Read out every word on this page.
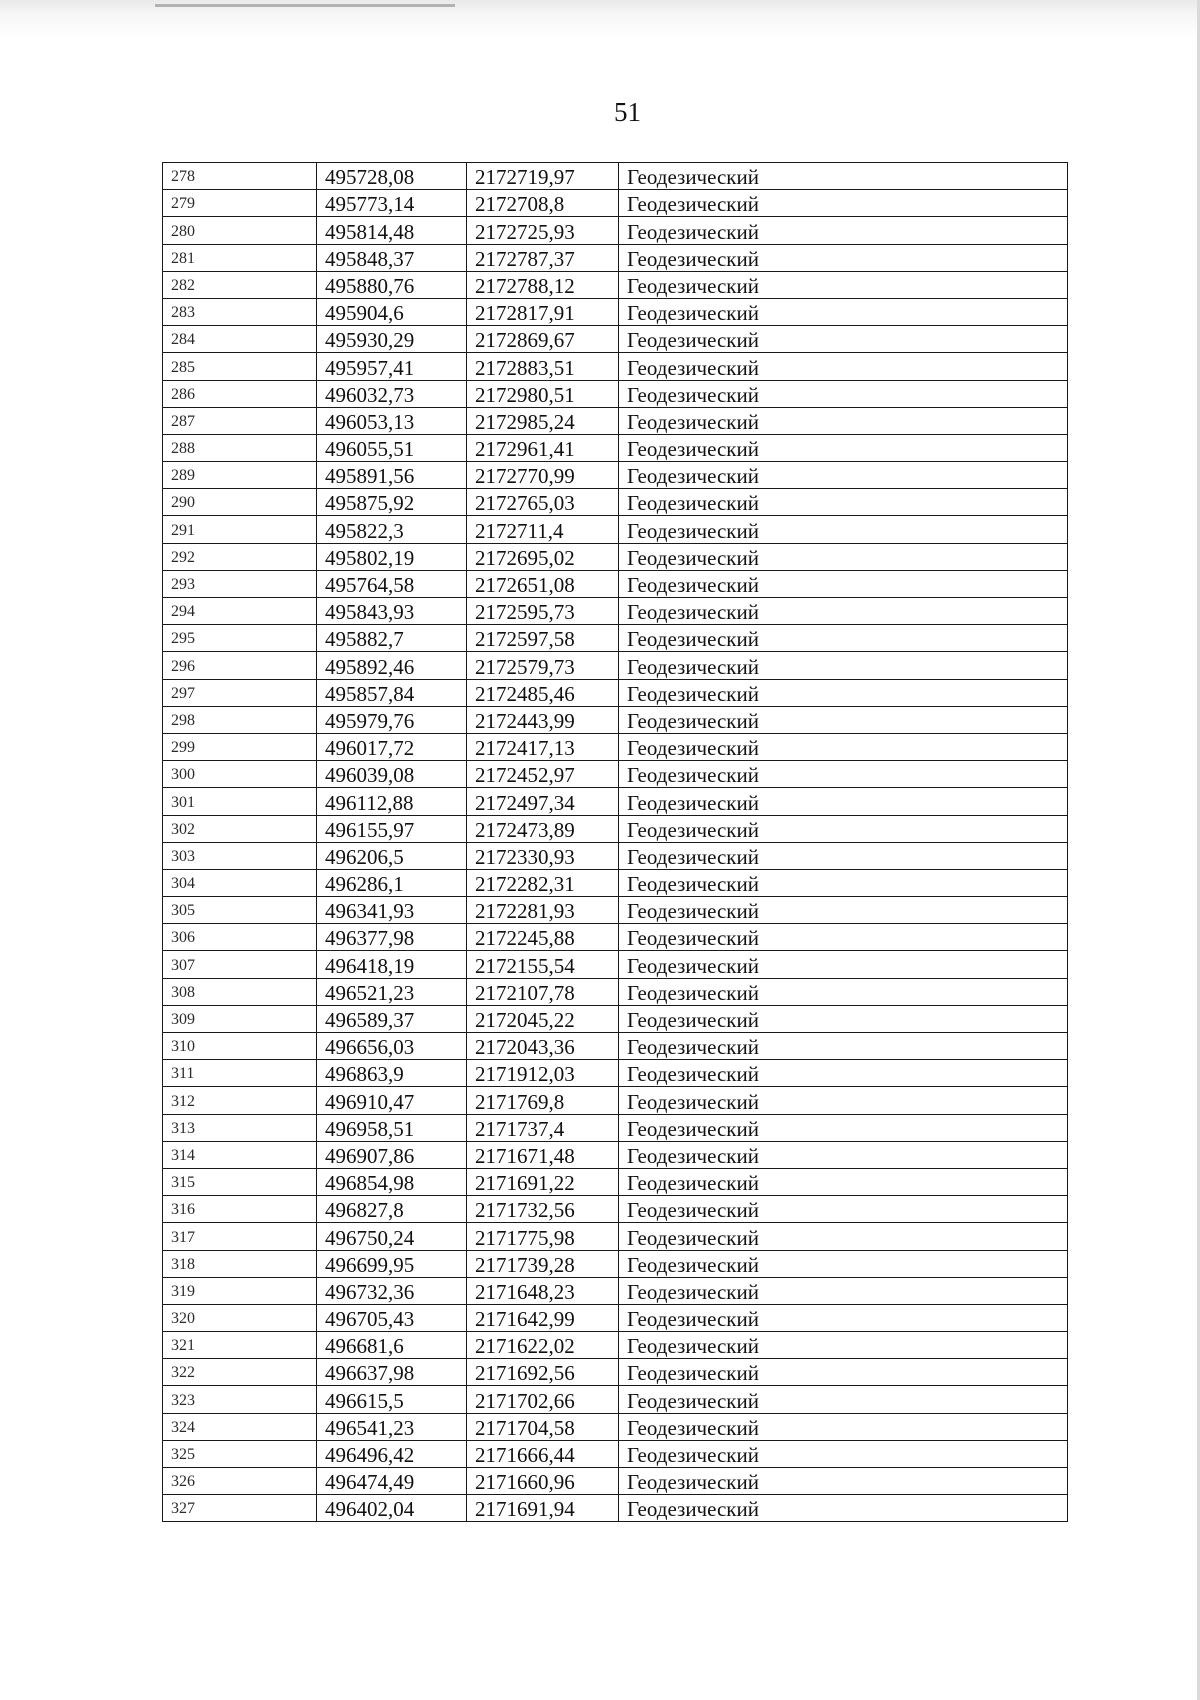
51
278	495728,08	2172719,97	Геодезический
279	495773,14	2172708,8	Геодезический
280	495814,48	2172725,93	Геодезический
281	495848,37	2172787,37	Геодезический
282	495880,76	2172788,12	Геодезический
283	495904,6	2172817,91	Геодезический
284	495930,29	2172869,67	Геодезический
285	495957,41	2172883,51	Геодезический
286	496032,73	2172980,51	Геодезический
287	496053,13	2172985,24	Геодезический
288	496055,51	2172961,41	Геодезический
289	495891,56	2172770,99	Геодезический
290	495875,92	2172765,03	Геодезический
291	495822,3	2172711,4	Геодезический
292	495802,19	2172695,02	Геодезический
293	495764,58	2172651,08	Геодезический
294	495843,93	2172595,73	Геодезический
295	495882,7	2172597,58	Геодезический
296	495892,46	2172579,73	Геодезический
297	495857,84	2172485,46	Геодезический
298	495979,76	2172443,99	Геодезический
299	496017,72	2172417,13	Геодезический
300	496039,08	2172452,97	Геодезический
301	496112,88	2172497,34	Геодезический
302	496155,97	2172473,89	Геодезический
303	496206,5	2172330,93	Геодезический
304	496286,1	2172282,31	Геодезический
305	496341,93	2172281,93	Геодезический
306	496377,98	2172245,88	Геодезический
307	496418,19	2172155,54	Геодезический
308	496521,23	2172107,78	Геодезический
309	496589,37	2172045,22	Геодезический
310	496656,03	2172043,36	Геодезический
311	496863,9	2171912,03	Геодезический
312	496910,47	2171769,8	Геодезический
313	496958,51	2171737,4	Геодезический
314	496907,86	2171671,48	Геодезический
315	496854,98	2171691,22	Геодезический
316	496827,8	2171732,56	Геодезический
317	496750,24	2171775,98	Геодезический
318	496699,95	2171739,28	Геодезический
319	496732,36	2171648,23	Геодезический
320	496705,43	2171642,99	Геодезический
321	496681,6	2171622,02	Геодезический
322	496637,98	2171692,56	Геодезический
323	496615,5	2171702,66	Геодезический
324	496541,23	2171704,58	Геодезический
325	496496,42	2171666,44	Геодезический
326	496474,49	2171660,96	Геодезический
327	496402,04	2171691,94	Геодезический
